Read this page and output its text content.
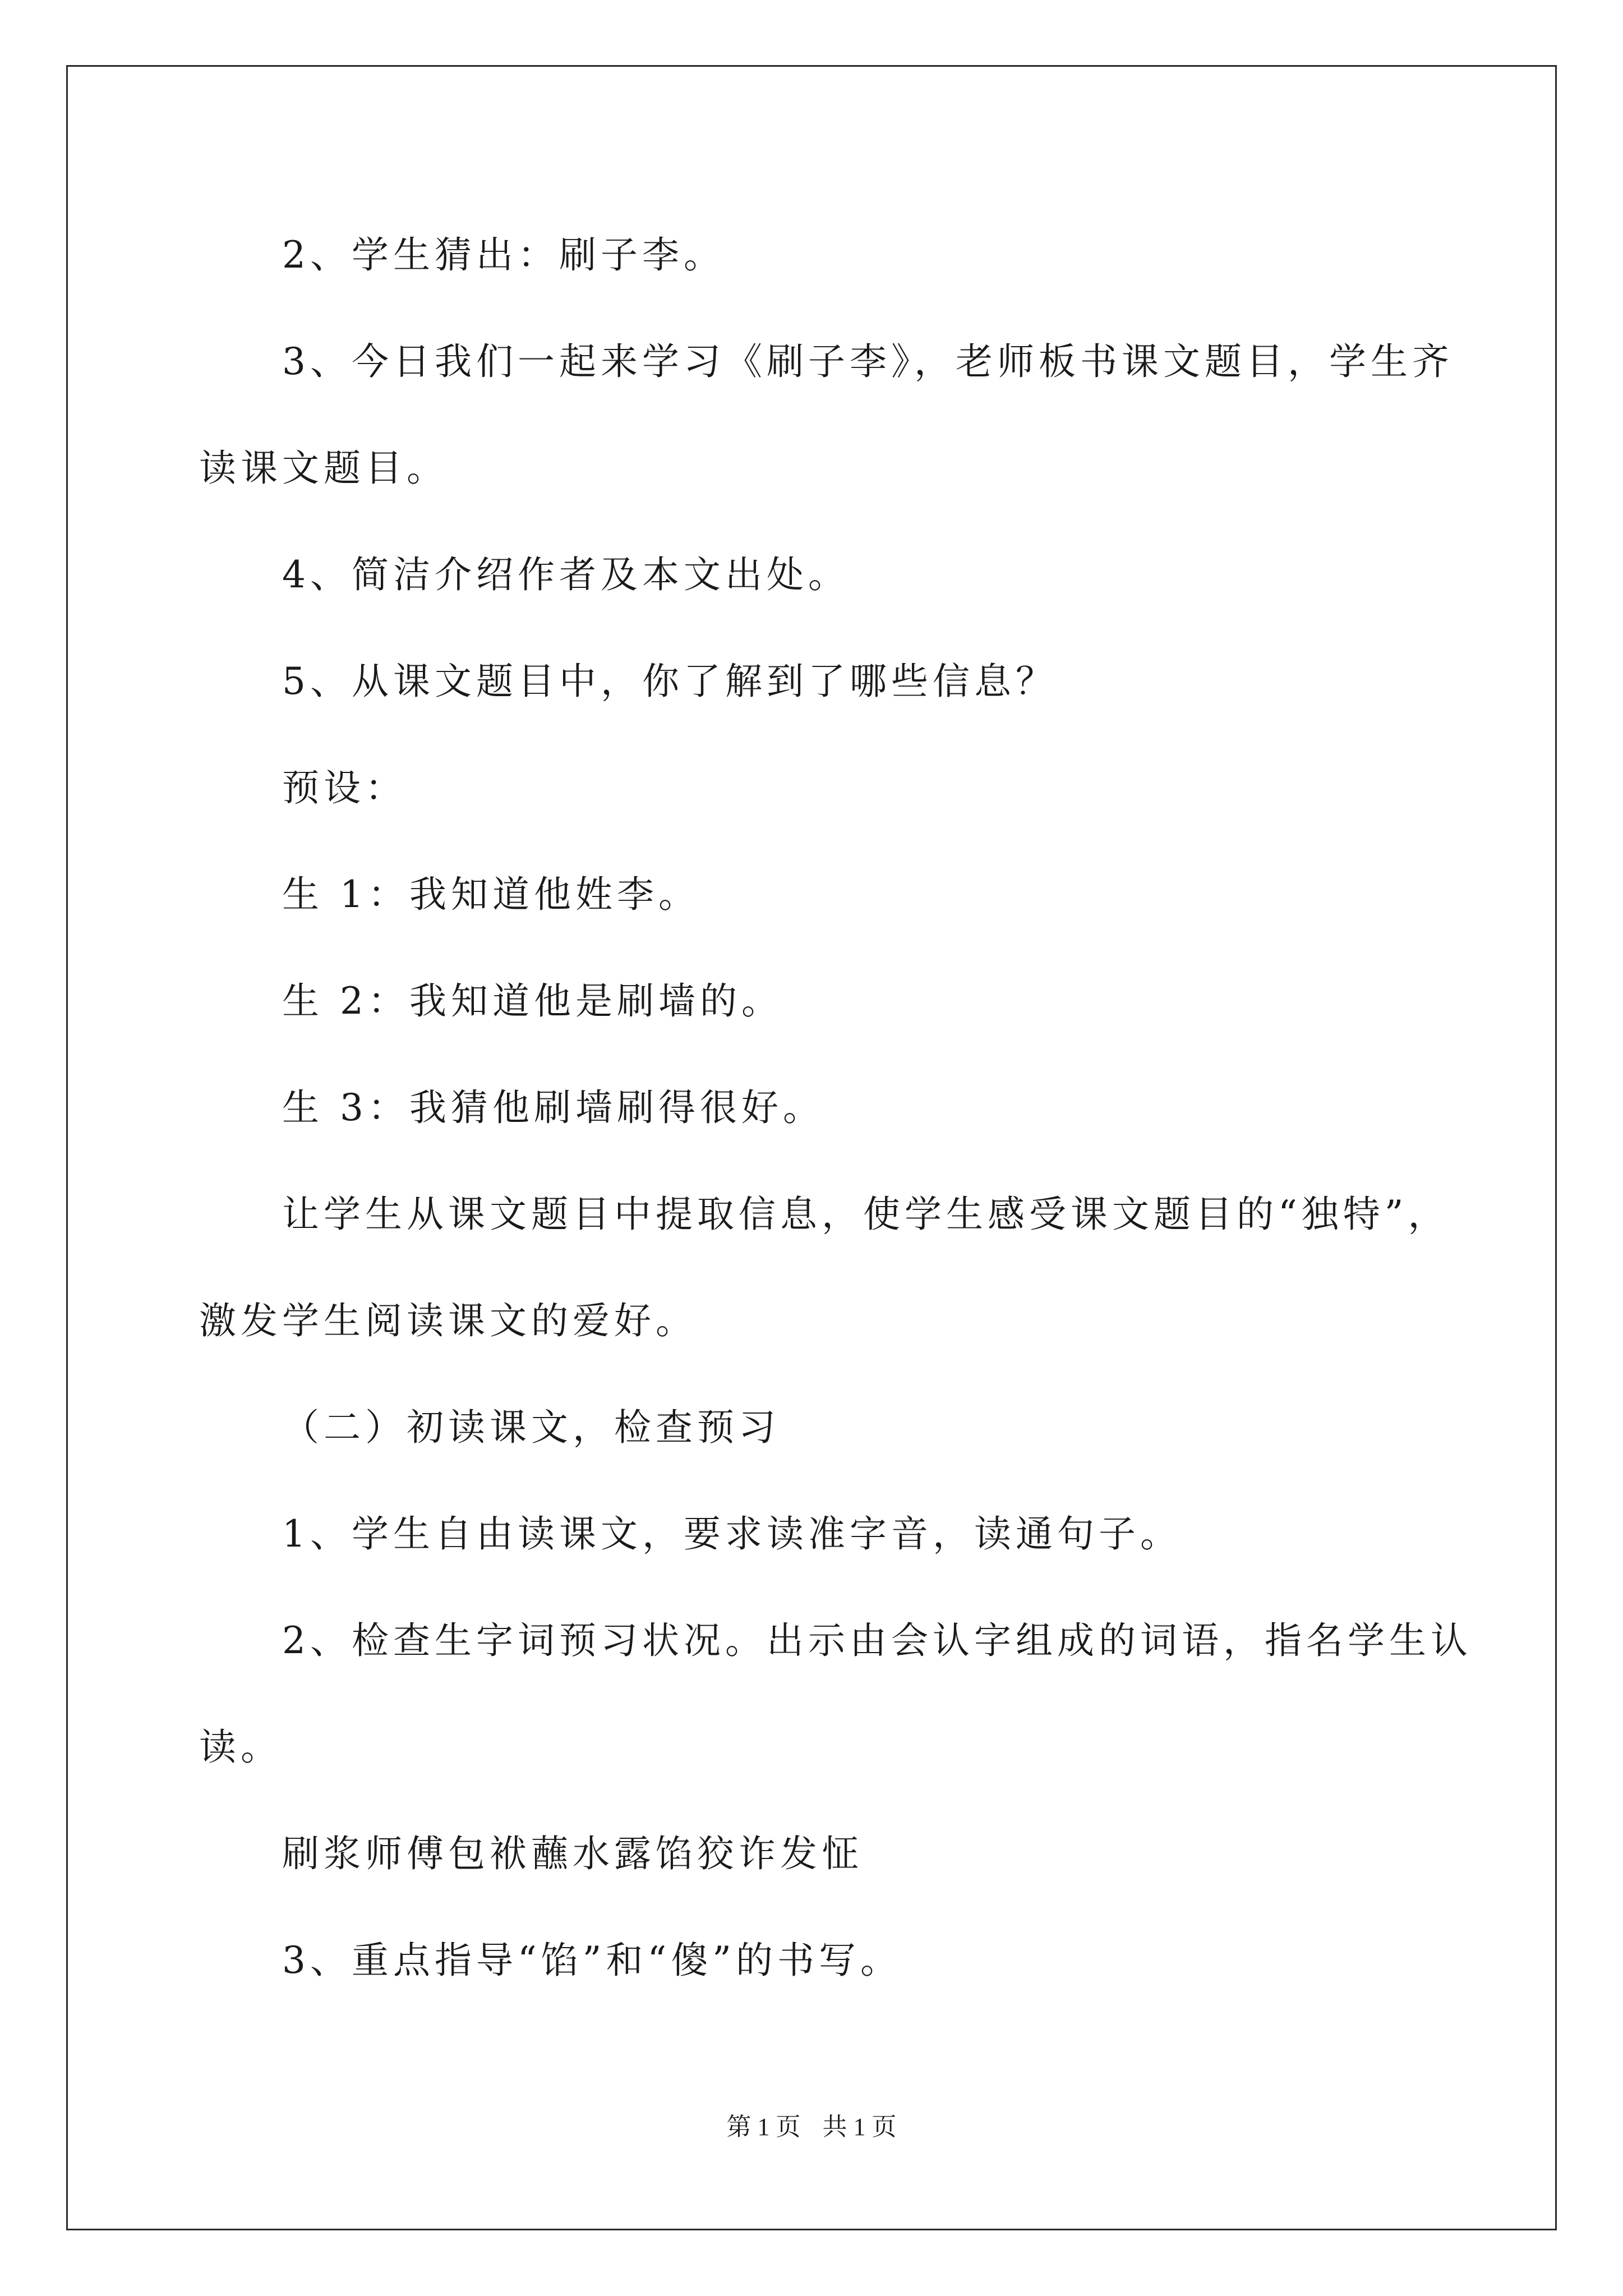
2、学生猜出：刷子李。

3、今日我们一起来学习《刷子李》，老师板书课文题目，学生齐

读课文题目。

4、简洁介绍作者及本文出处。

5、从课文题目中，你了解到了哪些信息？

预设：

生 1：我知道他姓李。

生 2：我知道他是刷墙的。

生 3：我猜他刷墙刷得很好。

让学生从课文题目中提取信息，使学生感受课文题目的“独特”，

激发学生阅读课文的爱好。

（二）初读课文，检查预习

1、学生自由读课文，要求读准字音，读通句子。

2、检查生字词预习状况。出示由会认字组成的词语，指名学生认

读。

刷浆师傅包袱蘸水露馅狡诈发怔

3、重点指导“馅”和“傻”的书写。

第 1 页 共 1 页
